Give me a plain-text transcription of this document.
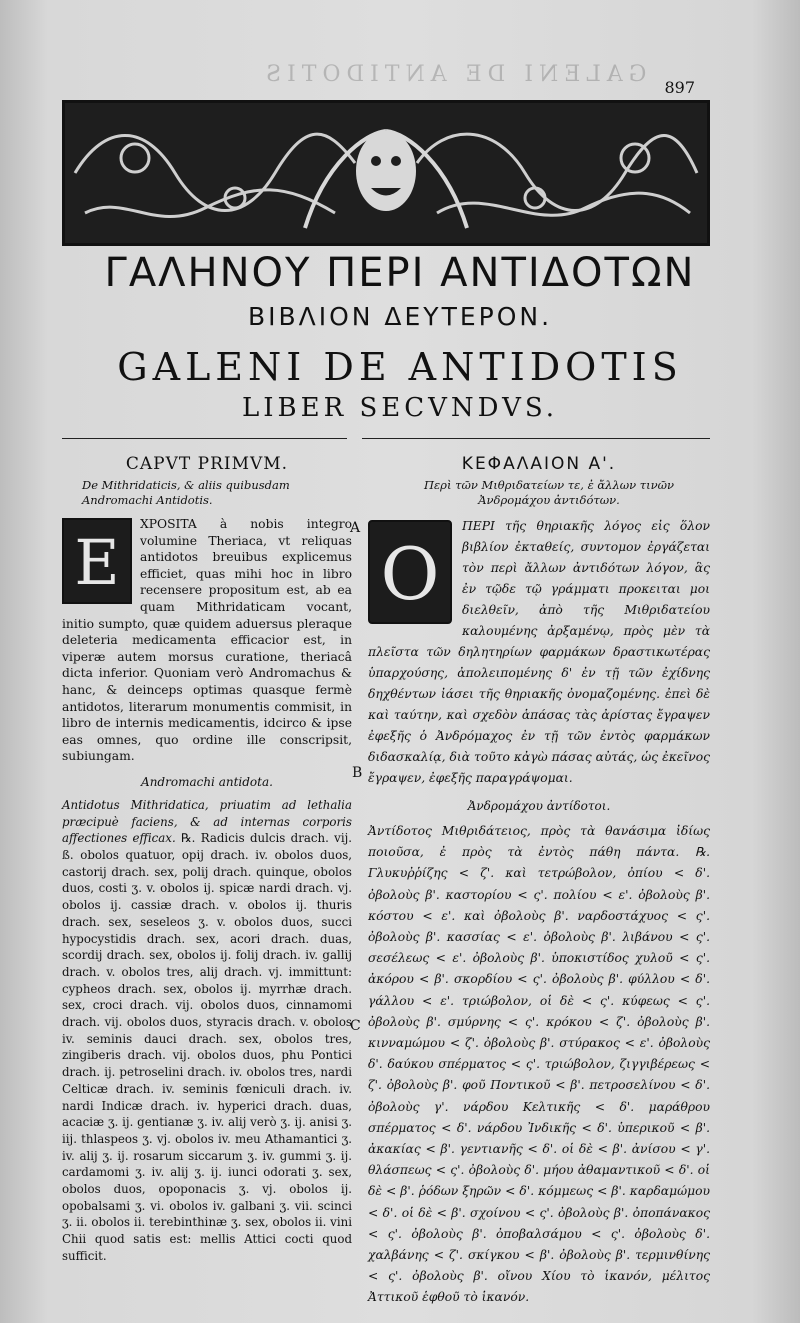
GALENI DE ANTIDOTIS
897
ΓΑΛΗΝΟΥ ΠΕΡΙ ΑΝΤΙΔΟΤΩΝ
ΒΙΒΛΙΟΝ ΔΕΥΤΕΡΟΝ.
GALENI DE ANTIDOTIS
LIBER SECVNDVS.
CAPVT PRIMVM.
De Mithridaticis, & aliis quibusdam Andromachi Antidotis.
E

XPOSITA à nobis integro volumine Theriaca, vt reliquas antidotos breuibus explicemus efficiet, quas mihi hoc in libro recensere propositum est, ab ea quam Mithridaticam vocant, initio sumpto, quæ quidem aduersus pleraque deleteria medicamenta efficacior est, in viperæ autem morsus curatione, theriacâ dicta inferior. Quoniam verò Andromachus & hanc, & deinceps optimas quasque fermè antidotos, literarum monumentis commisit, in libro de internis medicamentis, idcirco & ipse eas omnes, quo ordine ille conscripsit, subiungam.

Andromachi antidota.

Antidotus Mithridatica, priuatim ad lethalia præcipuè faciens, & ad internas corporis affectiones efficax. ℞. Radicis dulcis drach. vij. ß. obolos quatuor, opij drach. iv. obolos duos, castorij drach. sex, polij drach. quinque, obolos duos, costi ʒ. v. obolos ij. spicæ nardi drach. vj. obolos ij. cassiæ drach. v. obolos ij. thuris drach. sex, seseleos ʒ. v. obolos duos, succi hypocystidis drach. sex, acori drach. duas, scordij drach. sex, obolos ij. folij drach. iv. gallij drach. v. obolos tres, alij drach. vj. immittunt: cypheos drach. sex, obolos ij. myrrhæ drach. sex, croci drach. vij. obolos duos, cinnamomi drach. vij. obolos duos, styracis drach. v. obolos iv. seminis dauci drach. sex, obolos tres, zingiberis drach. vij. obolos duos, phu Pontici drach. ij. petroselini drach. iv. obolos tres, nardi Celticæ drach. iv. seminis fœniculi drach. iv. nardi Indicæ drach. iv. hyperici drach. duas, acaciæ ʒ. ij. gentianæ ʒ. iv. alij verò ʒ. ij. anisi ʒ. iij. thlaspeos ʒ. vj. obolos iv. meu Athamantici ʒ. iv. alij ʒ. ij. rosarum siccarum ʒ. iv. gummi ʒ. ij. cardamomi ʒ. iv. alij ʒ. ij. iunci odorati ʒ. sex, obolos duos, opoponacis ʒ. vj. obolos ij. opobalsami ʒ. vi. obolos iv. galbani ʒ. vii. scinci ʒ. ii. obolos ii. terebinthinæ ʒ. sex, obolos ii. vini Chii quod satis est: mellis Attici cocti quod sufficit.

A
B
C
ΚΕΦΑΛΑΙΟΝ Α'.
Περὶ τῶν Μιθριδατείων τε, ἐ ἄλλων τινῶν Ἀνδρομάχου ἀντιδότων.
Ο

ΠΕΡΙ τῆς θηριακῆς λόγος εἰς ὅλον βιβλίον ἐκταθείς, συντομον ἐργάζεται τὸν περὶ ἄλλων ἀντιδότων λόγον, ἃς ἐν τῷδε τῷ γράμματι προκειται μοι διελθεῖν, ἀπὸ τῆς Μιθριδατείου καλουμένης ἀρξαμένῳ, πρὸς μὲν τὰ πλεῖστα τῶν δηλητηρίων φαρμάκων δραστικωτέρας ὑπαρχούσης, ἀπολειπομένης δ' ἐν τῇ τῶν ἐχίδνης δηχθέντων ἰάσει τῆς θηριακῆς ὀνομαζομένης. ἐπεὶ δὲ καὶ ταύτην, καὶ σχεδὸν ἁπάσας τὰς ἀρίστας ἔγραψεν ἐφεξῆς ὁ Ἀνδρόμαχος ἐν τῇ τῶν ἐντὸς φαρμάκων διδασκαλίᾳ, διὰ τοῦτο κἀγὼ πάσας αὐτάς, ὡς ἐκεῖνος ἔγραψεν, ἐφεξῆς παραγράψομαι.

Ἀνδρομάχου ἀντίδοτοι.

Ἀντίδοτος Μιθριδάτειος, πρὸς τὰ θανάσιμα ἰδίως ποιοῦσα, ἐ πρὸς τὰ ἐντὸς πάθη πάντα. ℞. Γλυκυῤῥίζης < ζ'. καὶ τετρώβολον, ὀπίου < δ'. ὀβολοὺς β'. καστορίου < ς'. πολίου < ε'. ὀβολοὺς β'. κόστου < ε'. καὶ ὀβολοὺς β'. ναρδοστάχυος < ς'. ὀβολοὺς β'. κασσίας < ε'. ὀβολοὺς β'. λιβάνου < ς'. σεσέλεως < ε'. ὀβολοὺς β'. ὑποκιστίδος χυλοῦ < ς'. ἀκόρου < β'. σκορδίου < ς'. ὀβολοὺς β'. φύλλου < δ'. γάλλου < ε'. τριώβολον, οἱ δὲ < ς'. κύφεως < ς'. ὀβολοὺς β'. σμύρνης < ς'. κρόκου < ζ'. ὀβολοὺς β'. κινναμώμου < ζ'. ὀβολοὺς β'. στύρακος < ε'. ὀβολοὺς δ'. δαύκου σπέρματος < ς'. τριώβολον, ζιγγιβέρεως < ζ'. ὀβολοὺς β'. φοῦ Ποντικοῦ < β'. πετροσελίνου < δ'. ὀβολοὺς γ'. νάρδου Κελτικῆς < δ'. μαράθρου σπέρματος < δ'. νάρδου Ἰνδικῆς < δ'. ὑπερικοῦ < β'. ἀκακίας < β'. γεντιανῆς < δ'. οἱ δὲ < β'. ἀνίσου < γ'. θλάσπεως < ς'. ὀβολοὺς δ'. μήου ἀθαμαντικοῦ < δ'. οἱ δὲ < β'. ῥόδων ξηρῶν < δ'. κόμμεως < β'. καρδαμώμου < δ'. οἱ δὲ < β'. σχοίνου < ς'. ὀβολοὺς β'. ὀποπάνακος < ς'. ὀβολοὺς β'. ὀποβαλσάμου < ς'. ὀβολοὺς δ'. χαλβάνης < ζ'. σκίγκου < β'. ὀβολοὺς β'. τερμινθίνης < ς'. ὀβολοὺς β'. οἴνου Χίου τὸ ἱκανόν, μέλιτος Ἀττικοῦ ἑφθοῦ τὸ ἱκανόν.
